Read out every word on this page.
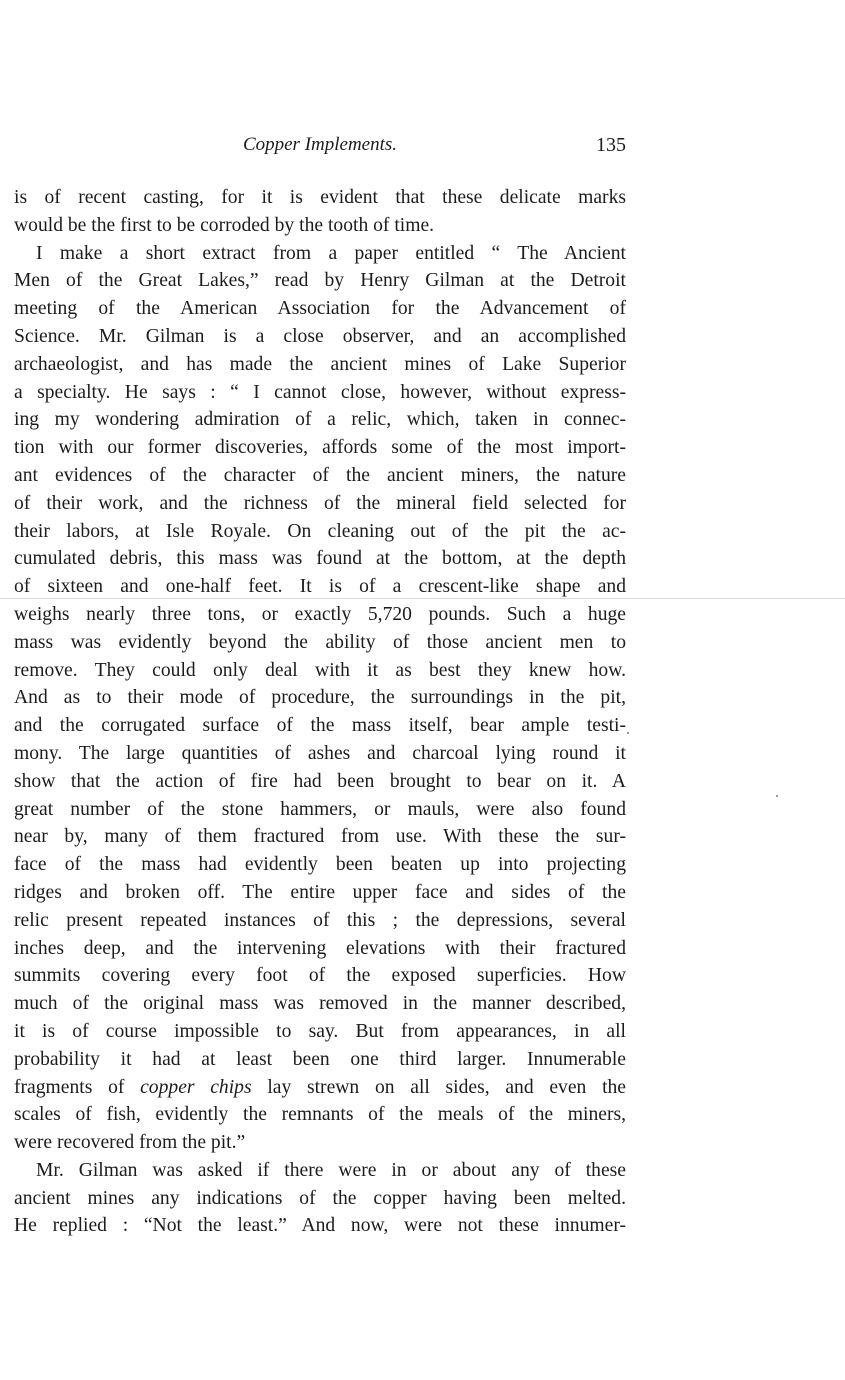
Copper Implements.	135
is of recent casting, for it is evident that these delicate marks
would be the first to be corroded by the tooth of time.
I make a short extract from a paper entitled “ The Ancient
Men of the Great Lakes,” read by Henry Gilman at the Detroit
meeting of the American Association for the Advancement of
Science. Mr. Gilman is a close observer, and an accomplished
archaeologist, and has made the ancient mines of Lake Superior
a specialty. He says : “ I cannot close, however, without express-
ing my wondering admiration of a relic, which, taken in connec-
tion with our former discoveries, affords some of the most import-
ant evidences of the character of the ancient miners, the nature
of their work, and the richness of the mineral field selected for
their labors, at Isle Royale. On cleaning out of the pit the ac-
cumulated debris, this mass was found at the bottom, at the depth
of sixteen and one-half feet. It is of a crescent-like shape and
weighs nearly three tons, or exactly 5,720 pounds. Such a huge
mass was evidently beyond the ability of those ancient men to
remove. They could only deal with it as best they knew how.
And as to their mode of procedure, the surroundings in the pit,
and the corrugated surface of the mass itself, bear ample testi-
mony. The large quantities of ashes and charcoal lying round it
show that the action of fire had been brought to bear on it. A
great number of the stone hammers, or mauls, were also found
near by, many of them fractured from use. With these the sur-
face of the mass had evidently been beaten up into projecting
ridges and broken off. The entire upper face and sides of the
relic present repeated instances of this ; the depressions, several
inches deep, and the intervening elevations with their fractured
summits covering every foot of the exposed superficies. How
much of the original mass was removed in the manner described,
it is of course impossible to say. But from appearances, in all
probability it had at least been one third larger. Innumerable
fragments of copper chips lay strewn on all sides, and even the
scales of fish, evidently the remnants of the meals of the miners,
were recovered from the pit.”
Mr. Gilman was asked if there were in or about any of these
ancient mines any indications of the copper having been melted.
He replied : “Not the least.” And now, were not these innumer-
